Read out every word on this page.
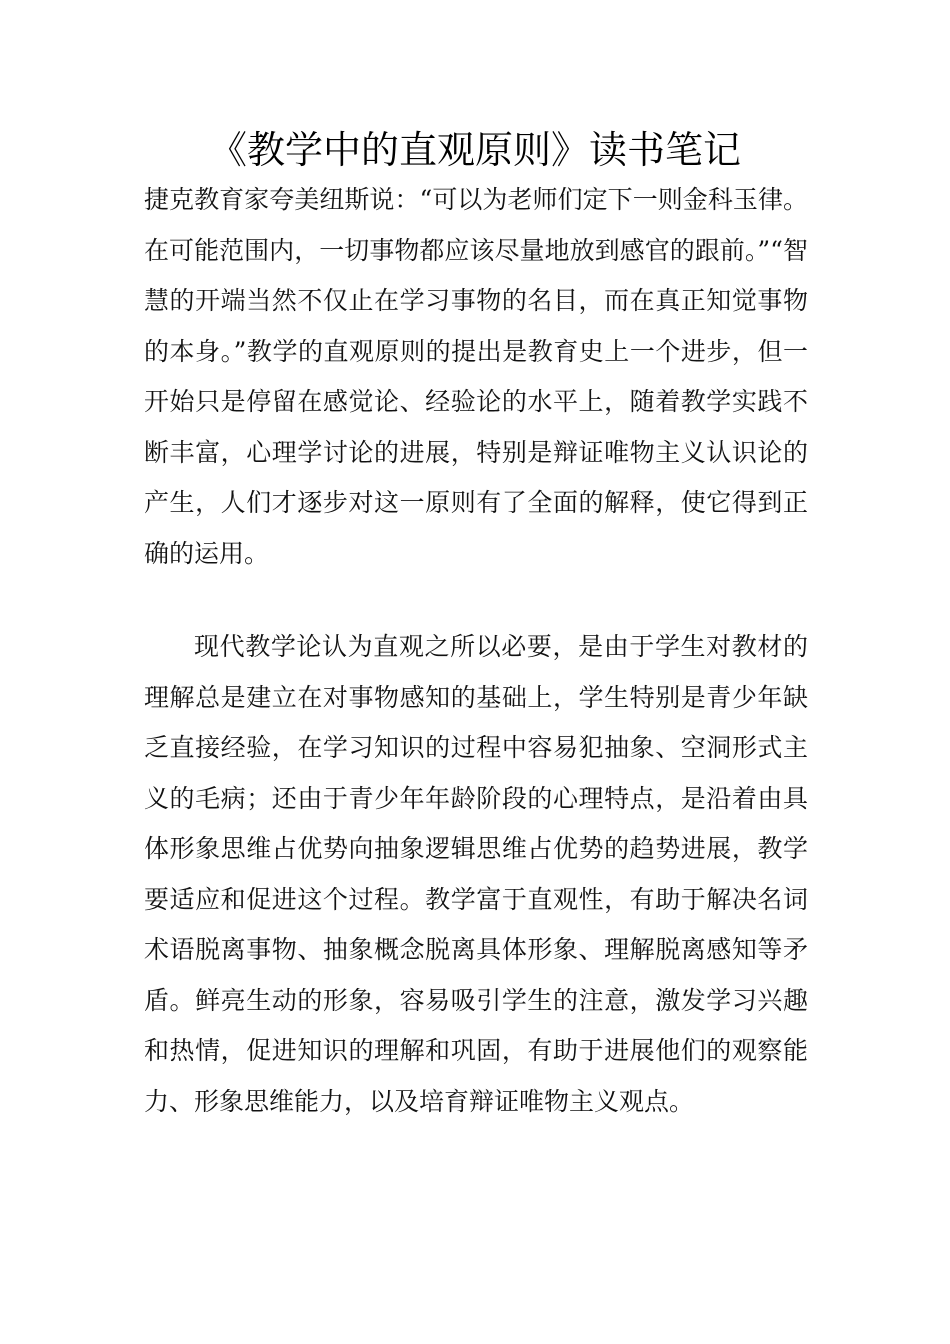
《教学中的直观原则》读书笔记

捷克教育家夸美纽斯说：“可以为老师们定下一则金科玉律。在可能范围内，一切事物都应该尽量地放到感官的跟前。”“智慧的开端当然不仅止在学习事物的名目，而在真正知觉事物的本身。”教学的直观原则的提出是教育史上一个进步，但一开始只是停留在感觉论、经验论的水平上，随着教学实践不断丰富，心理学讨论的进展，特别是辩证唯物主义认识论的产生，人们才逐步对这一原则有了全面的解释，使它得到正确的运用。

现代教学论认为直观之所以必要，是由于学生对教材的理解总是建立在对事物感知的基础上，学生特别是青少年缺乏直接经验，在学习知识的过程中容易犯抽象、空洞形式主义的毛病；还由于青少年年龄阶段的心理特点，是沿着由具体形象思维占优势向抽象逻辑思维占优势的趋势进展，教学要适应和促进这个过程。教学富于直观性，有助于解决名词术语脱离事物、抽象概念脱离具体形象、理解脱离感知等矛盾。鲜亮生动的形象，容易吸引学生的注意，激发学习兴趣和热情，促进知识的理解和巩固，有助于进展他们的观察能力、形象思维能力，以及培育辩证唯物主义观点。
